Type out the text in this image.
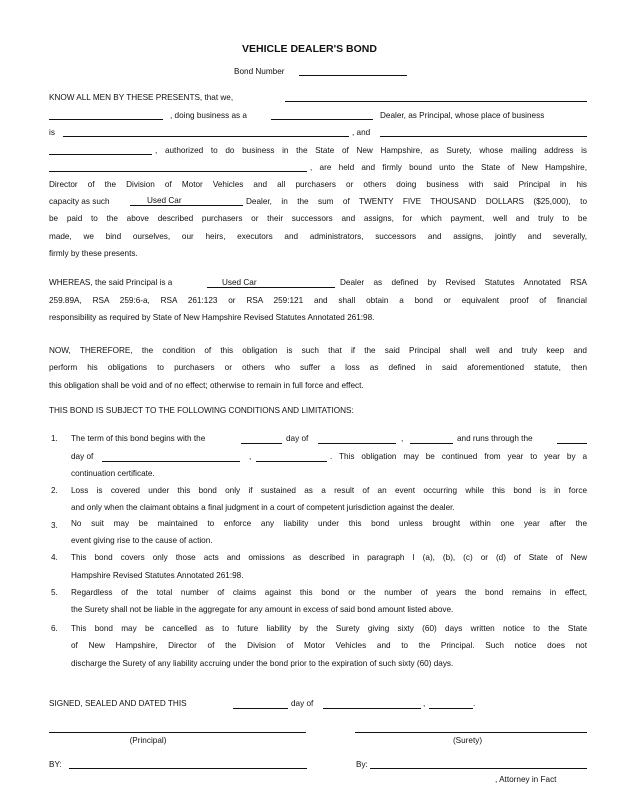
VEHICLE DEALER'S BOND
Bond Number
KNOW ALL MEN BY THESE PRESENTS, that we,
, doing business as a	Dealer, as Principal, whose place of business
is	, and
, authorized to do business in the State of New Hampshire, as Surety, whose mailing address is
, are held and firmly bound unto the State of New Hampshire,
Director of the Division of Motor Vehicles and all purchasers or others doing business with said Principal in his
capacity as such	Used Car	Dealer, in the sum of TWENTY FIVE THOUSAND DOLLARS ($25,000), to
be paid to the above described purchasers or their successors and assigns, for which payment, well and truly to be
made, we bind ourselves, our heirs, executors and administrators, successors and assigns, jointly and severally,
firmly by these presents.
WHEREAS, the said Principal is a	Used Car	Dealer as defined by Revised Statutes Annotated RSA
259.89A, RSA 259:6-a, RSA 261:123 or RSA 259:121 and shall obtain a bond or equivalent proof of financial
responsibility as required by State of New Hampshire Revised Statutes Annotated 261:98.
NOW, THEREFORE, the condition of this obligation is such that if the said Principal shall well and truly keep and
perform his obligations to purchasers or others who suffer a loss as defined in said aforementioned statute, then
this obligation shall be void and of no effect; otherwise to remain in full force and effect.
THIS BOND IS SUBJECT TO THE FOLLOWING CONDITIONS AND LIMITATIONS:
1. The term of this bond begins with the	day of	,	and runs through the
day of	,	. This obligation may be continued from year to year by a
continuation certificate.
2. Loss is covered under this bond only if sustained as a result of an event occurring while this bond is in force
and only when the claimant obtains a final judgment in a court of competent jurisdiction against the dealer.
3. No suit may be maintained to enforce any liability under this bond unless brought within one year after the
event giving rise to the cause of action.
4. This bond covers only those acts and omissions as described in paragraph I (a), (b), (c) or (d) of State of New
Hampshire Revised Statutes Annotated 261:98.
5. Regardless of the total number of claims against this bond or the number of years the bond remains in effect,
the Surety shall not be liable in the aggregate for any amount in excess of said bond amount listed above.
6. This bond may be cancelled as to future liability by the Surety giving sixty (60) days written notice to the State
of New Hampshire, Director of the Division of Motor Vehicles and to the Principal. Such notice does not
discharge the Surety of any liability accruing under the bond prior to the expiration of such sixty (60) days.
SIGNED, SEALED AND DATED THIS	day of	,	.
(Principal)	(Surety)
BY:	By:
, Attorney in Fact
